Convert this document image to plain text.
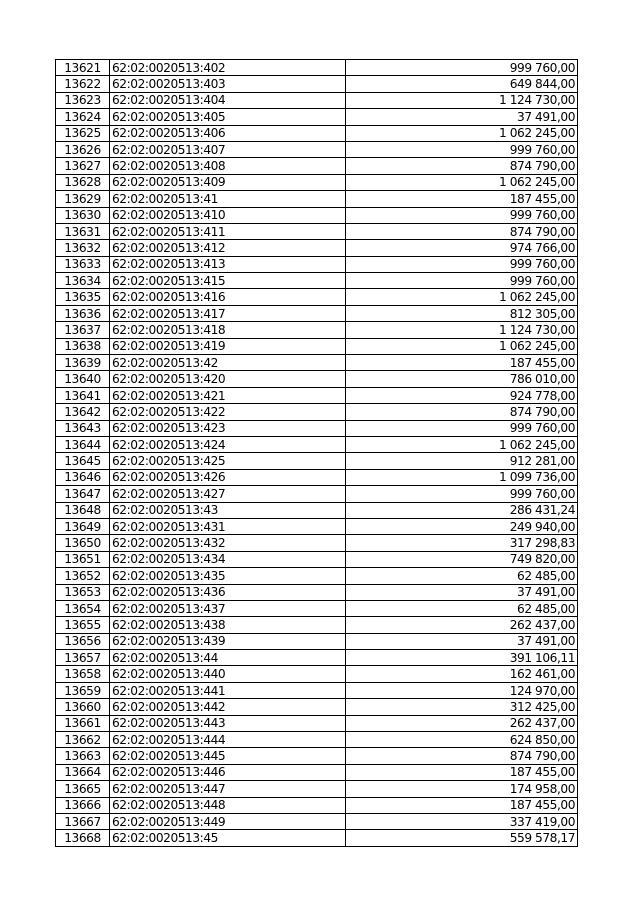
13621	62:02:0020513:402	999 760,00
13622	62:02:0020513:403	649 844,00
13623	62:02:0020513:404	1 124 730,00
13624	62:02:0020513:405	37 491,00
13625	62:02:0020513:406	1 062 245,00
13626	62:02:0020513:407	999 760,00
13627	62:02:0020513:408	874 790,00
13628	62:02:0020513:409	1 062 245,00
13629	62:02:0020513:41	187 455,00
13630	62:02:0020513:410	999 760,00
13631	62:02:0020513:411	874 790,00
13632	62:02:0020513:412	974 766,00
13633	62:02:0020513:413	999 760,00
13634	62:02:0020513:415	999 760,00
13635	62:02:0020513:416	1 062 245,00
13636	62:02:0020513:417	812 305,00
13637	62:02:0020513:418	1 124 730,00
13638	62:02:0020513:419	1 062 245,00
13639	62:02:0020513:42	187 455,00
13640	62:02:0020513:420	786 010,00
13641	62:02:0020513:421	924 778,00
13642	62:02:0020513:422	874 790,00
13643	62:02:0020513:423	999 760,00
13644	62:02:0020513:424	1 062 245,00
13645	62:02:0020513:425	912 281,00
13646	62:02:0020513:426	1 099 736,00
13647	62:02:0020513:427	999 760,00
13648	62:02:0020513:43	286 431,24
13649	62:02:0020513:431	249 940,00
13650	62:02:0020513:432	317 298,83
13651	62:02:0020513:434	749 820,00
13652	62:02:0020513:435	62 485,00
13653	62:02:0020513:436	37 491,00
13654	62:02:0020513:437	62 485,00
13655	62:02:0020513:438	262 437,00
13656	62:02:0020513:439	37 491,00
13657	62:02:0020513:44	391 106,11
13658	62:02:0020513:440	162 461,00
13659	62:02:0020513:441	124 970,00
13660	62:02:0020513:442	312 425,00
13661	62:02:0020513:443	262 437,00
13662	62:02:0020513:444	624 850,00
13663	62:02:0020513:445	874 790,00
13664	62:02:0020513:446	187 455,00
13665	62:02:0020513:447	174 958,00
13666	62:02:0020513:448	187 455,00
13667	62:02:0020513:449	337 419,00
13668	62:02:0020513:45	559 578,17
